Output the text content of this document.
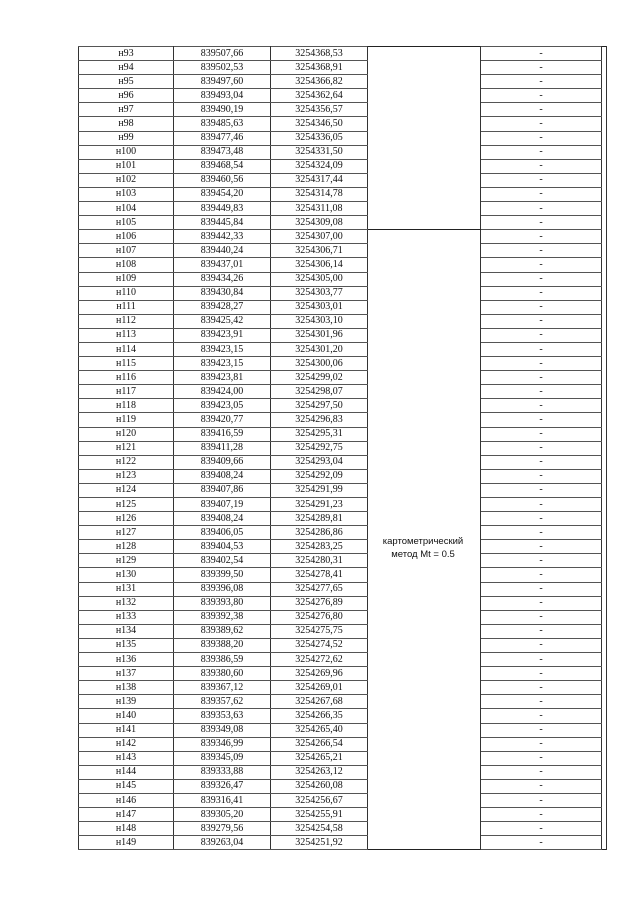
н93	839507,66	3254368,53		-	
н94	839502,53	3254368,91		-	
н95	839497,60	3254366,82		-	
н96	839493,04	3254362,64		-	
н97	839490,19	3254356,57		-	
н98	839485,63	3254346,50		-	
н99	839477,46	3254336,05		-	
н100	839473,48	3254331,50		-	
н101	839468,54	3254324,09		-	
н102	839460,56	3254317,44		-	
н103	839454,20	3254314,78		-	
н104	839449,83	3254311,08		-	
н105	839445,84	3254309,08		-	
н106	839442,33	3254307,00		-	
н107	839440,24	3254306,71		-	
н108	839437,01	3254306,14		-	
н109	839434,26	3254305,00		-	
н110	839430,84	3254303,77		-	
н111	839428,27	3254303,01		-	
н112	839425,42	3254303,10		-	
н113	839423,91	3254301,96		-	
н114	839423,15	3254301,20		-	
н115	839423,15	3254300,06		-	
н116	839423,81	3254299,02		-	
н117	839424,00	3254298,07		-	
н118	839423,05	3254297,50		-	
н119	839420,77	3254296,83		-	
н120	839416,59	3254295,31		-	
н121	839411,28	3254292,75		-	
н122	839409,66	3254293,04		-	
н123	839408,24	3254292,09		-	
н124	839407,86	3254291,99		-	
н125	839407,19	3254291,23		-	
н126	839408,24	3254289,81		-	
н127	839406,05	3254286,86		-	
н128	839404,53	3254283,25		-	
н129	839402,54	3254280,31		-	
н130	839399,50	3254278,41		-	
н131	839396,08	3254277,65		-	
н132	839393,80	3254276,89		-	
н133	839392,38	3254276,80		-	
н134	839389,62	3254275,75		-	
н135	839388,20	3254274,52		-	
н136	839386,59	3254272,62		-	
н137	839380,60	3254269,96		-	
н138	839367,12	3254269,01		-	
н139	839357,62	3254267,68		-	
н140	839353,63	3254266,35		-	
н141	839349,08	3254265,40		-	
н142	839346,99	3254266,54		-	
н143	839345,09	3254265,21		-	
н144	839333,88	3254263,12		-	
н145	839326,47	3254260,08		-	
н146	839316,41	3254256,67		-	
н147	839305,20	3254255,91		-	
н148	839279,56	3254254,58		-	
н149	839263,04	3254251,92		-	
картометрический
метод Mt = 0.5
